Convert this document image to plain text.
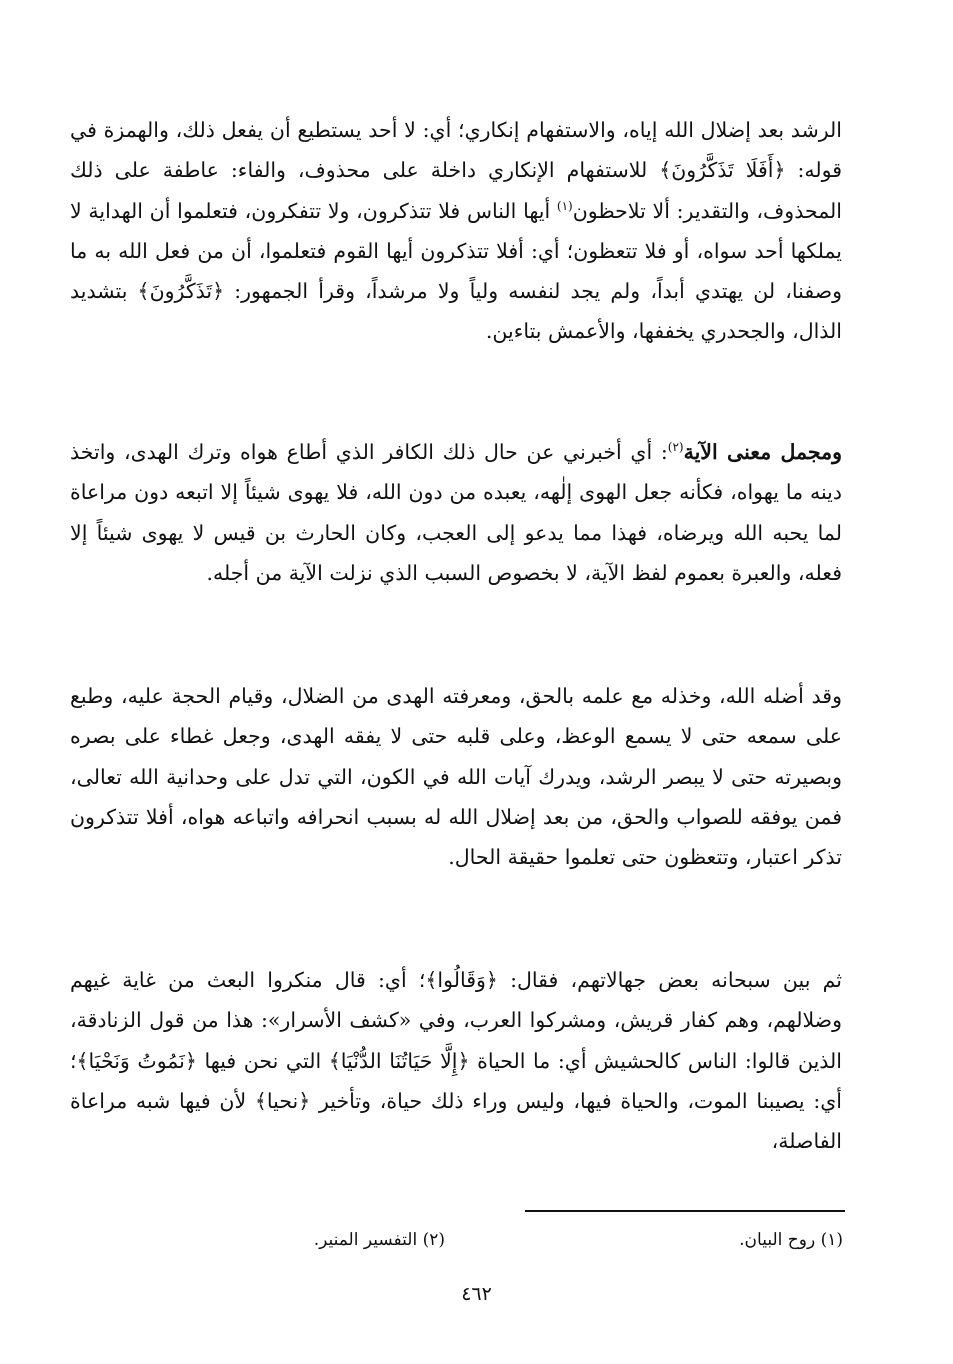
الرشد بعد إضلال الله إياه، والاستفهام إنكاري؛ أي: لا أحد يستطيع أن يفعل ذلك، والهمزة في قوله: ﴿أَفَلَا تَذَكَّرُونَ﴾ للاستفهام الإنكاري داخلة على محذوف، والفاء: عاطفة على ذلك المحذوف، والتقدير: ألا تلاحظون$^{(١)}$ أيها الناس فلا تتذكرون، ولا تتفكرون، فتعلموا أن الهداية لا يملكها أحد سواه، أو فلا تتعظون؛ أي: أفلا تتذكرون أيها القوم فتعلموا، أن من فعل الله به ما وصفنا، لن يهتدي أبداً، ولم يجد لنفسه ولياً ولا مرشداً، وقرأ الجمهور: ﴿تَذَكَّرُونَ﴾ بتشديد الذال، والجحدري يخففها، والأعمش بتاءين.

ومجمل معنى الآية$^{(٢)}$: أي أخبرني عن حال ذلك الكافر الذي أطاع هواه وترك الهدى، واتخذ دينه ما يهواه، فكأنه جعل الهوى إلٰهه، يعبده من دون الله، فلا يهوى شيئاً إلا اتبعه دون مراعاة لما يحبه الله ويرضاه، فهذا مما يدعو إلى العجب، وكان الحارث بن قيس لا يهوى شيئاً إلا فعله، والعبرة بعموم لفظ الآية، لا بخصوص السبب الذي نزلت الآية من أجله.

وقد أضله الله، وخذله مع علمه بالحق، ومعرفته الهدى من الضلال، وقيام الحجة عليه، وطبع على سمعه حتى لا يسمع الوعظ، وعلى قلبه حتى لا يفقه الهدى، وجعل غطاء على بصره وبصيرته حتى لا يبصر الرشد، ويدرك آيات الله في الكون، التي تدل على وحدانية الله تعالى، فمن يوفقه للصواب والحق، من بعد إضلال الله له بسبب انحرافه واتباعه هواه، أفلا تتذكرون تذكر اعتبار، وتتعظون حتى تعلموا حقيقة الحال.

ثم بين سبحانه بعض جهالاتهم، فقال: ﴿وَقَالُوا﴾؛ أي: قال منكروا البعث من غاية غيهم وضلالهم، وهم كفار قريش، ومشركوا العرب، وفي «كشف الأسرار»: هذا من قول الزنادقة، الذين قالوا: الناس كالحشيش أي: ما الحياة ﴿إِلَّا حَيَاتُنَا الدُّنْيَا﴾ التي نحن فيها ﴿نَمُوتُ وَنَحْيَا﴾؛ أي: يصيبنا الموت، والحياة فيها، وليس وراء ذلك حياة، وتأخير ﴿نحيا﴾ لأن فيها شبه مراعاة الفاصلة،

(١) روح البيان.
(٢) التفسير المنير.
٤٦٢
